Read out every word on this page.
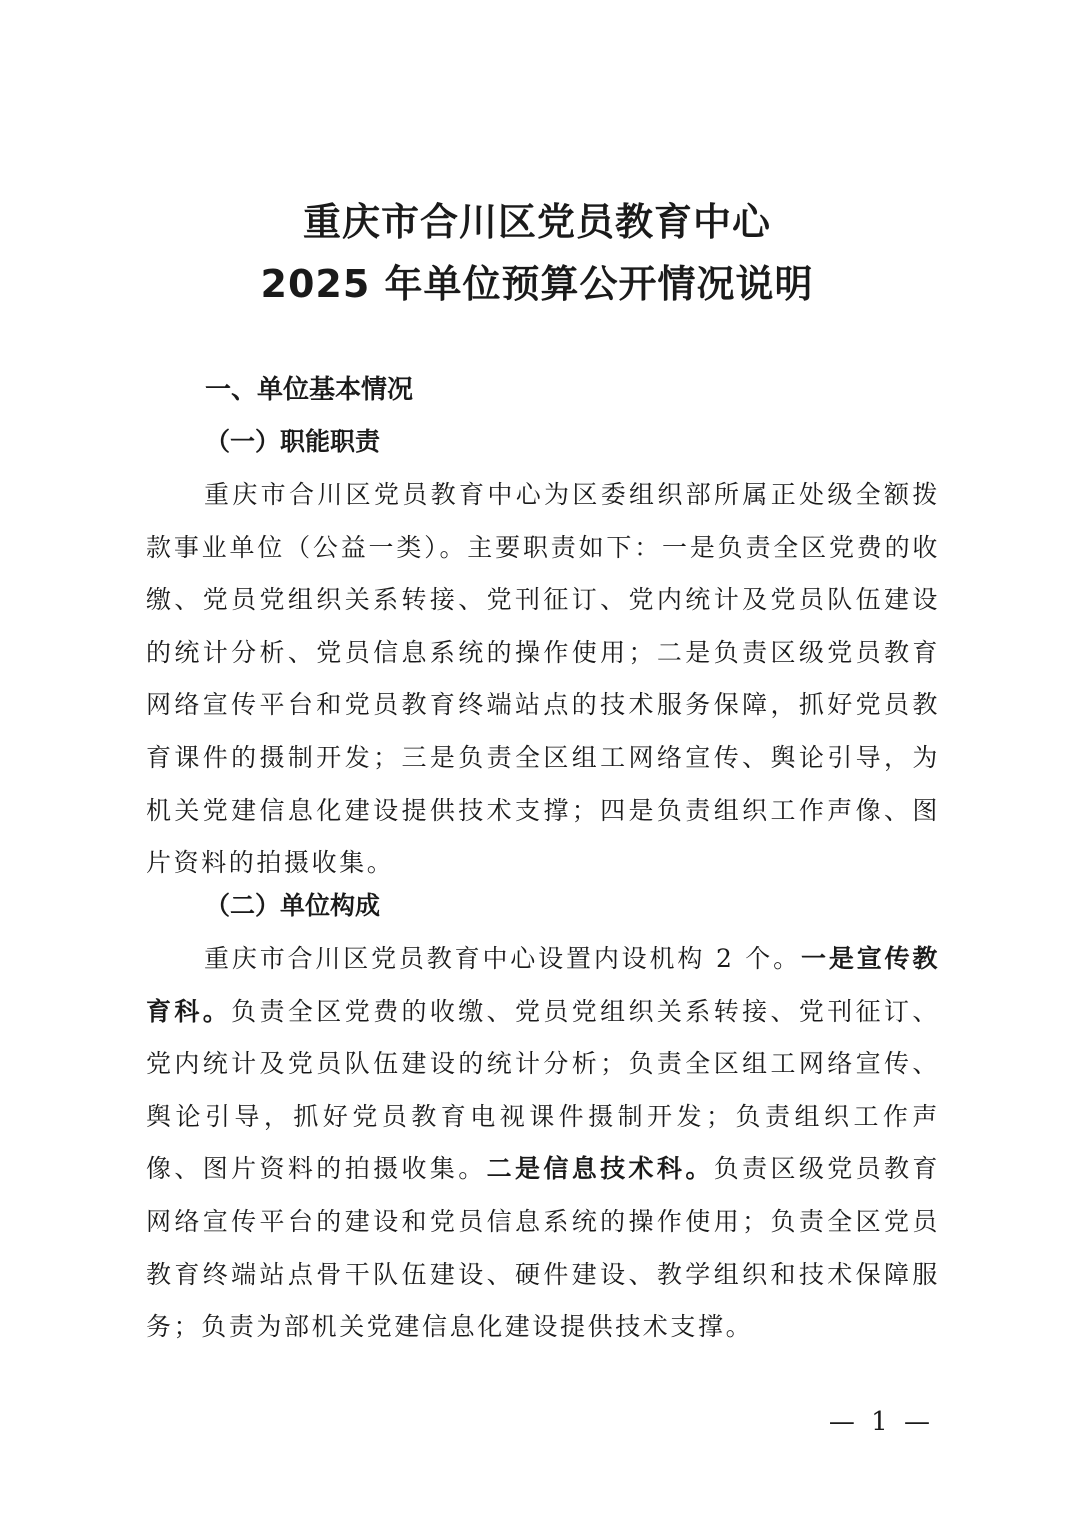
重庆市合川区党员教育中心
2025 年单位预算公开情况说明
一、单位基本情况
（一）职能职责

重庆市合川区党员教育中心为区委组织部所属正处级全额拨款事业单位（公益一类）。主要职责如下：一是负责全区党费的收缴、党员党组织关系转接、党刊征订、党内统计及党员队伍建设的统计分析、党员信息系统的操作使用；二是负责区级党员教育网络宣传平台和党员教育终端站点的技术服务保障，抓好党员教育课件的摄制开发；三是负责全区组工网络宣传、舆论引导，为机关党建信息化建设提供技术支撑；四是负责组织工作声像、图片资料的拍摄收集。

（二）单位构成

重庆市合川区党员教育中心设置内设机构 2 个。一是宣传教育科。负责全区党费的收缴、党员党组织关系转接、党刊征订、党内统计及党员队伍建设的统计分析；负责全区组工网络宣传、舆论引导，抓好党员教育电视课件摄制开发；负责组织工作声像、图片资料的拍摄收集。二是信息技术科。负责区级党员教育网络宣传平台的建设和党员信息系统的操作使用；负责全区党员教育终端站点骨干队伍建设、硬件建设、教学组织和技术保障服务；负责为部机关党建信息化建设提供技术支撑。

— 1 —
